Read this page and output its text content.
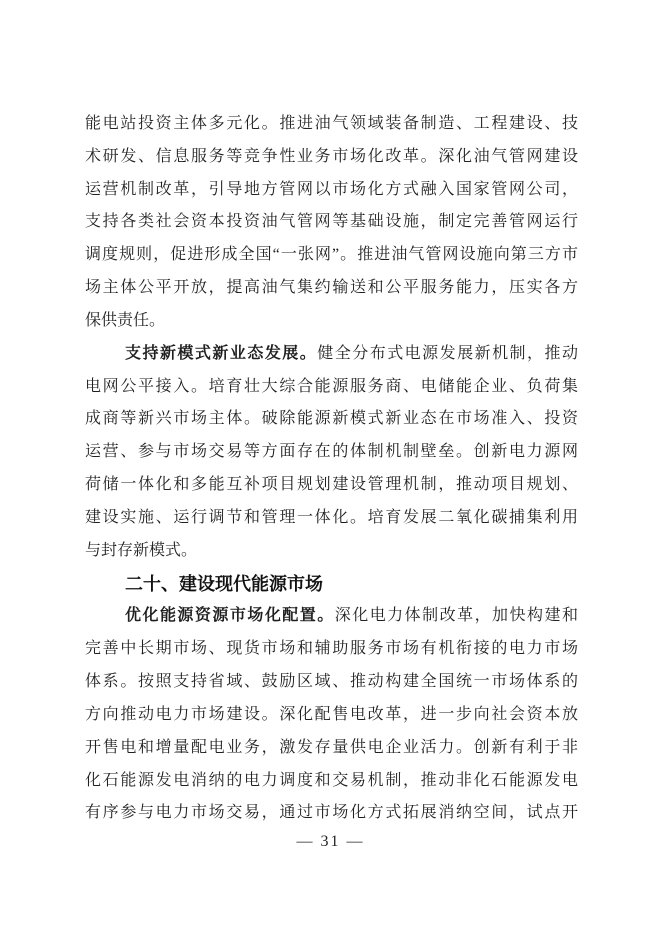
能电站投资主体多元化。推进油气领域装备制造、工程建设、技
术研发、信息服务等竞争性业务市场化改革。深化油气管网建设
运营机制改革，引导地方管网以市场化方式融入国家管网公司，
支持各类社会资本投资油气管网等基础设施，制定完善管网运行
调度规则，促进形成全国“一张网”。推进油气管网设施向第三方市
场主体公平开放，提高油气集约输送和公平服务能力，压实各方
保供责任。
支持新模式新业态发展。健全分布式电源发展新机制，推动
电网公平接入。培育壮大综合能源服务商、电储能企业、负荷集
成商等新兴市场主体。破除能源新模式新业态在市场准入、投资
运营、参与市场交易等方面存在的体制机制壁垒。创新电力源网
荷储一体化和多能互补项目规划建设管理机制，推动项目规划、
建设实施、运行调节和管理一体化。培育发展二氧化碳捕集利用
与封存新模式。
二十、建设现代能源市场
优化能源资源市场化配置。深化电力体制改革，加快构建和
完善中长期市场、现货市场和辅助服务市场有机衔接的电力市场
体系。按照支持省域、鼓励区域、推动构建全国统一市场体系的
方向推动电力市场建设。深化配售电改革，进一步向社会资本放
开售电和增量配电业务，激发存量供电企业活力。创新有利于非
化石能源发电消纳的电力调度和交易机制，推动非化石能源发电
有序参与电力市场交易，通过市场化方式拓展消纳空间，试点开
— 31 —
